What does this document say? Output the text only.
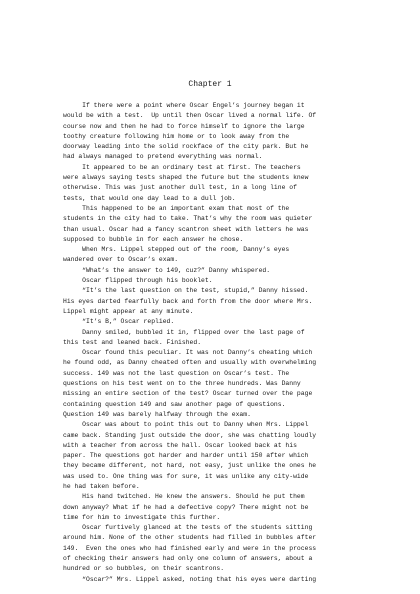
Chapter 1
If there were a point where Oscar Engel’s journey began it
would be with a test.  Up until then Oscar lived a normal life. Of
course now and then he had to force himself to ignore the large
toothy creature following him home or to look away from the
doorway leading into the solid rockface of the city park. But he
had always managed to pretend everything was normal.
It appeared to be an ordinary test at first. The teachers
were always saying tests shaped the future but the students knew
otherwise. This was just another dull test, in a long line of
tests, that would one day lead to a dull job.
This happened to be an important exam that most of the
students in the city had to take. That’s why the room was quieter
than usual. Oscar had a fancy scantron sheet with letters he was
supposed to bubble in for each answer he chose.
When Mrs. Lippel stepped out of the room, Danny’s eyes
wandered over to Oscar’s exam.
“What’s the answer to 149, cuz?” Danny whispered.
Oscar flipped through his booklet.
“It’s the last question on the test, stupid,” Danny hissed.
His eyes darted fearfully back and forth from the door where Mrs.
Lippel might appear at any minute.
“It’s B,” Oscar replied.
Danny smiled, bubbled it in, flipped over the last page of
this test and leaned back. Finished.
Oscar found this peculiar. It was not Danny’s cheating which
he found odd, as Danny cheated often and usually with overwhelming
success. 149 was not the last question on Oscar’s test. The
questions on his test went on to the three hundreds. Was Danny
missing an entire section of the test? Oscar turned over the page
containing question 149 and saw another page of questions.
Question 149 was barely halfway through the exam.
Oscar was about to point this out to Danny when Mrs. Lippel
came back. Standing just outside the door, she was chatting loudly
with a teacher from across the hall. Oscar looked back at his
paper. The questions got harder and harder until 150 after which
they became different, not hard, not easy, just unlike the ones he
was used to. One thing was for sure, it was unlike any city-wide
he had taken before.
His hand twitched. He knew the answers. Should he put them
down anyway? What if he had a defective copy? There might not be
time for him to investigate this further.
Oscar furtively glanced at the tests of the students sitting
around him. None of the other students had filled in bubbles after
149.  Even the ones who had finished early and were in the process
of checking their answers had only one column of answers, about a
hundred or so bubbles, on their scantrons.
“Oscar?” Mrs. Lippel asked, noting that his eyes were darting
